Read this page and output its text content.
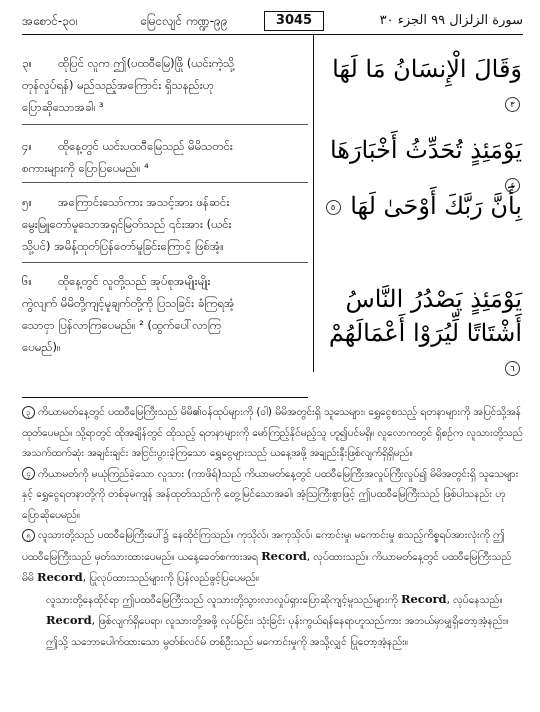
အစောင်-၃၀၊	မြေငလျင် ကဏ္ဍ-၉၉	3045	سورة الزلزال ٩٩ الجزء ٣٠
၃။ ထိုပြင် လူက ဤ(ပထဝီမြေ)ဖြို (ယင်းကဲ့သို့
တုန်လှုပ်ရန်) မည်သည့်အကြောင်း ရှိသနည်းဟု
ပြောဆိုသောအခါ၊ ³
وَقَالَ الْإِنسَانُ مَا لَهَا ٣
၄။ ထိုနေ့တွင် ယင်းပထဝီမြေသည် မိမိသတင်း
စကားများကို ပြောပြပေမည်။ ⁴
يَوْمَئِذٍ تُحَدِّثُ أَخْبَارَهَا ٤
၅။ အကြောင်းသော်ကား အသင့်အား ဖန်ဆင်း
မွေးမြူတော်မူသောအရှင်မြတ်သည် ၎င်းအား (ယင်း
သို့ပင်) အမိန့်ထုတ်ပြန်တော်မူခြင်းကြောင့် ဖြစ်အံ့။
بِأَنَّ رَبَّكَ أَوْحَىٰ لَهَا ٥
၆။ ထိုနေ့တွင် လူတို့သည် အုပ်စုအမျိုးမျိုး
ကွဲလျက် မိမိတို့ကျင့်မူချက်တို့ကို ပြသခြင်း ခံကြရအံ့
သောငှာ ပြန်လာကြပေမည်။ ² (ထွက်ပေါ်လာကြ
ပေမည်)။
يَوْمَئِذٍ يَصْدُرُ النَّاسُ
أَشْتَاتًا لِّيُرَوْا أَعْمَالَهُمْ ٦

၃ ကိယာမတ်နေ့တွင် ပထဝီမြေကြီးသည် မိမိ၏ဝန်ထုပ်များကို (ဝါ) မိမိအတွင်းရှိ သူသေများ၊ ရွှေငွေစသည့် ရတနာများကို အပြင်သို့အန်ထုတ်ပေမည်။ သို့ရာတွင် ထိုအချိန်တွင် ထိုသည့် ရတနာများကို မော်ကြည့်နိုင်မည့်သူ ဟူ၍ပင်မရှိ။ လူလောကတွင် ရှိစဉ်က လူသားတို့သည် အသက်ထက်ဆုံး အချင်းချင်း အငြင်းပွားခဲ့ကြသော ရွှေငွေများသည် ယနေ့အဖို့ အချည်းနှီးဖြစ်လျက်ရှိရှိမည်။

၄ ကိယာမတ်ကို မယုံကြည်ခဲ့သော လူသား (ကာဖိရ်)သည် ကိယာမတ်နေ့တွင် ပထဝီမြေကြီးအလှုပ်ကြီးလှုပ်၍ မိမိအတွင်းရှိ သူသေများနှင့် ရွှေငွေရတနာတို့ကို တစ်ခုမကျန် အန်ထုတ်သည်ကို တွေ့မြင်သောအခါ၊ အံ့သြကြီးစွာဖြင့် ဤပထဝီမြေကြီးသည် ဖြစ်ပါသနည်း ဟုပြောဆိုပေမည်။

၅ လူသားတို့သည် ပထဝီမြေကြီးပေါ်၌ နေထိုင်ကြသည်။ ကုသိုလ်၊ အကုသိုလ်၊ ကောင်းမှု၊ မကောင်းမှု စသည့်ကိစ္စရပ်အားလုံးကို ဤပထဝီမြေကြီးသည် မှတ်သားထားပေမည်။ ယနေ့ခေတ်စကားအရ Record, လုပ်ထားသည်။ ကိယာမတ်နေ့တွင် ပထဝီမြေကြီးသည် မိမိ Record, ပြုလုပ်ထားသည်များကို ပြန်လည်ဖွင့်ပြပေမည်။

လူသားတို့နေထိုင်ရာ ဤပထဝီမြေကြီးသည် လူသားတို့သွားလာလှုပ်ရှားပြောဆိုကျင့်မူသည်များကို Record, လုပ်နေသည်။ Record, ဖြစ်လျက်ရှိပေရာ၊ လူသားတို့အဖို့ လုပ်ခြင်း၊ သုံးခြင်း ပုန်းကွယ်ရန်နေရာဟူသည်ကား အဘယ်မှာမျှရှိတော့အံ့နည်း။ ဤသို့ သဘောပေါက်ထားသော မွတ်စ်လင်မ် တစ်ဦးသည် မကောင်းမှုကို အသို့လျှင် ပြုတော့အံ့နည်း။
